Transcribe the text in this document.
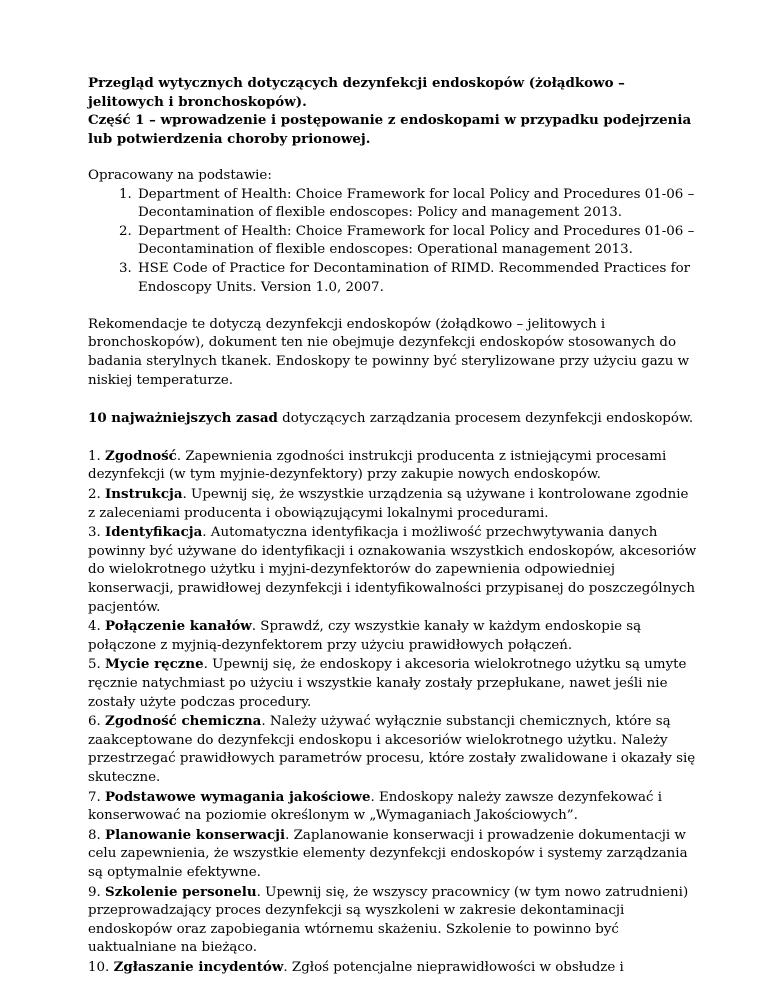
Przegląd wytycznych dotyczących dezynfekcji endoskopów (żołądkowo – jelitowych i bronchoskopów).
Część 1 – wprowadzenie i postępowanie z endoskopami w przypadku podejrzenia lub potwierdzenia choroby prionowej.
Opracowany na podstawie:
1. Department of Health: Choice Framework for local Policy and Procedures 01-06 – Decontamination of flexible endoscopes: Policy and management 2013.
2. Department of Health: Choice Framework for local Policy and Procedures 01-06 – Decontamination of flexible endoscopes: Operational management 2013.
3. HSE Code of Practice for Decontamination of RIMD. Recommended Practices for Endoscopy Units. Version 1.0, 2007.

Rekomendacje te dotyczą dezynfekcji endoskopów (żołądkowo – jelitowych i bronchoskopów), dokument ten nie obejmuje dezynfekcji endoskopów stosowanych do badania sterylnych tkanek. Endoskopy te powinny być sterylizowane przy użyciu gazu w niskiej temperaturze.

10 najważniejszych zasad dotyczących zarządzania procesem dezynfekcji endoskopów.

1. Zgodność. Zapewnienia zgodności instrukcji producenta z istniejącymi procesami dezynfekcji (w tym myjnie-dezynfektory) przy zakupie nowych endoskopów.
2. Instrukcja. Upewnij się, że wszystkie urządzenia są używane i kontrolowane zgodnie z zaleceniami producenta i obowiązującymi lokalnymi procedurami.
3. Identyfikacja. Automatyczna identyfikacja i możliwość przechwytywania danych powinny być używane do identyfikacji i oznakowania wszystkich endoskopów, akcesoriów do wielokrotnego użytku i myjni-dezynfektorów do zapewnienia odpowiedniej konserwacji, prawidłowej dezynfekcji i identyfikowalności przypisanej do poszczególnych pacjentów.
4. Połączenie kanałów. Sprawdź, czy wszystkie kanały w każdym endoskopie są połączone z myjnią-dezynfektorem przy użyciu prawidłowych połączeń.
5. Mycie ręczne. Upewnij się, że endoskopy i akcesoria wielokrotnego użytku są umyte ręcznie natychmiast po użyciu i wszystkie kanały zostały przepłukane, nawet jeśli nie zostały użyte podczas procedury.
6. Zgodność chemiczna. Należy używać wyłącznie substancji chemicznych, które są zaakceptowane do dezynfekcji endoskopu i akcesoriów wielokrotnego użytku. Należy przestrzegać prawidłowych parametrów procesu, które zostały zwalidowane i okazały się skuteczne.
7. Podstawowe wymagania jakościowe. Endoskopy należy zawsze dezynfekować i konserwować na poziomie określonym w „Wymaganiach Jakościowych”.
8. Planowanie konserwacji. Zaplanowanie konserwacji i prowadzenie dokumentacji w celu zapewnienia, że wszystkie elementy dezynfekcji endoskopów i systemy zarządzania są optymalnie efektywne.
9. Szkolenie personelu. Upewnij się, że wszyscy pracownicy (w tym nowo zatrudnieni) przeprowadzający proces dezynfekcji są wyszkoleni w zakresie dekontaminacji endoskopów oraz zapobiegania wtórnemu skażeniu. Szkolenie to powinno być uaktualniane na bieżąco.
10. Zgłaszanie incydentów. Zgłoś potencjalne nieprawidłowości w obsłudze i
